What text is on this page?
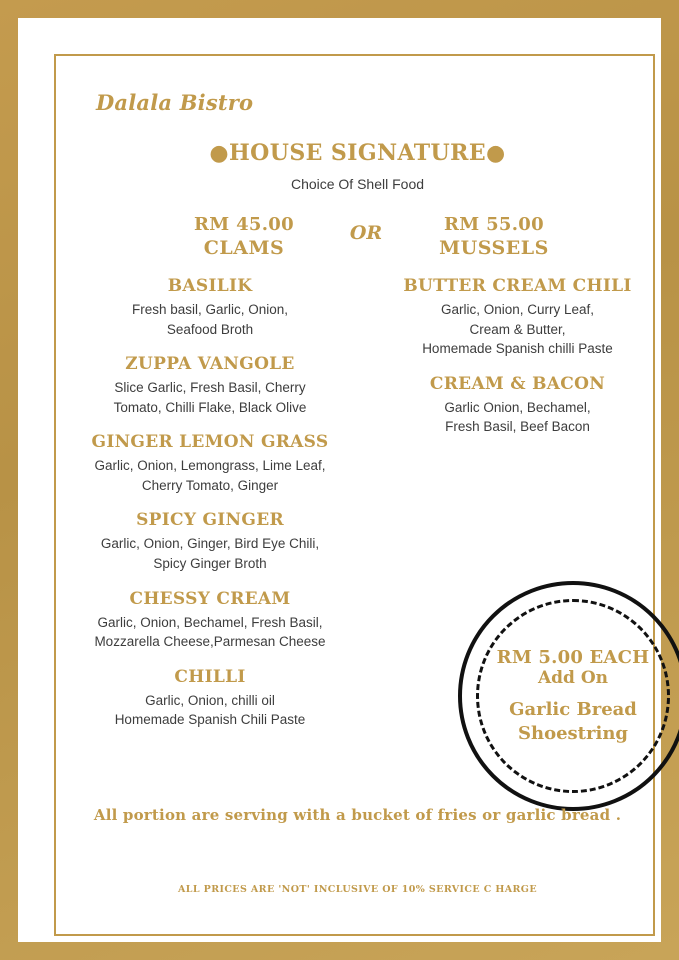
Dalala Bistro
●HOUSE SIGNATURE●
Choice Of Shell Food
RM 45.00
CLAMS
OR	RM 55.00
MUSSELS
BASILIK
Fresh basil, Garlic, Onion,
Seafood Broth
ZUPPA VANGOLE
Slice Garlic, Fresh Basil, Cherry
Tomato, Chilli Flake, Black Olive
GINGER LEMON GRASS
Garlic, Onion, Lemongrass, Lime Leaf,
Cherry Tomato, Ginger
SPICY GINGER
Garlic, Onion, Ginger, Bird Eye Chili,
Spicy Ginger Broth
CHESSY CREAM
Garlic, Onion, Bechamel, Fresh Basil,
Mozzarella Cheese,Parmesan Cheese
CHILLI
Garlic, Onion, chilli oil
Homemade Spanish Chili Paste
BUTTER CREAM CHILI
Garlic, Onion, Curry Leaf,
Cream & Butter,
Homemade Spanish chilli Paste
CREAM & BACON
Garlic Onion, Bechamel,
Fresh Basil, Beef Bacon
RM 5.00 EACH
Add On
Garlic Bread
Shoestring
All portion are serving with a bucket of fries or garlic bread .
ALL PRICES ARE 'NOT' INCLUSIVE OF 10% SERVICE C HARGE
